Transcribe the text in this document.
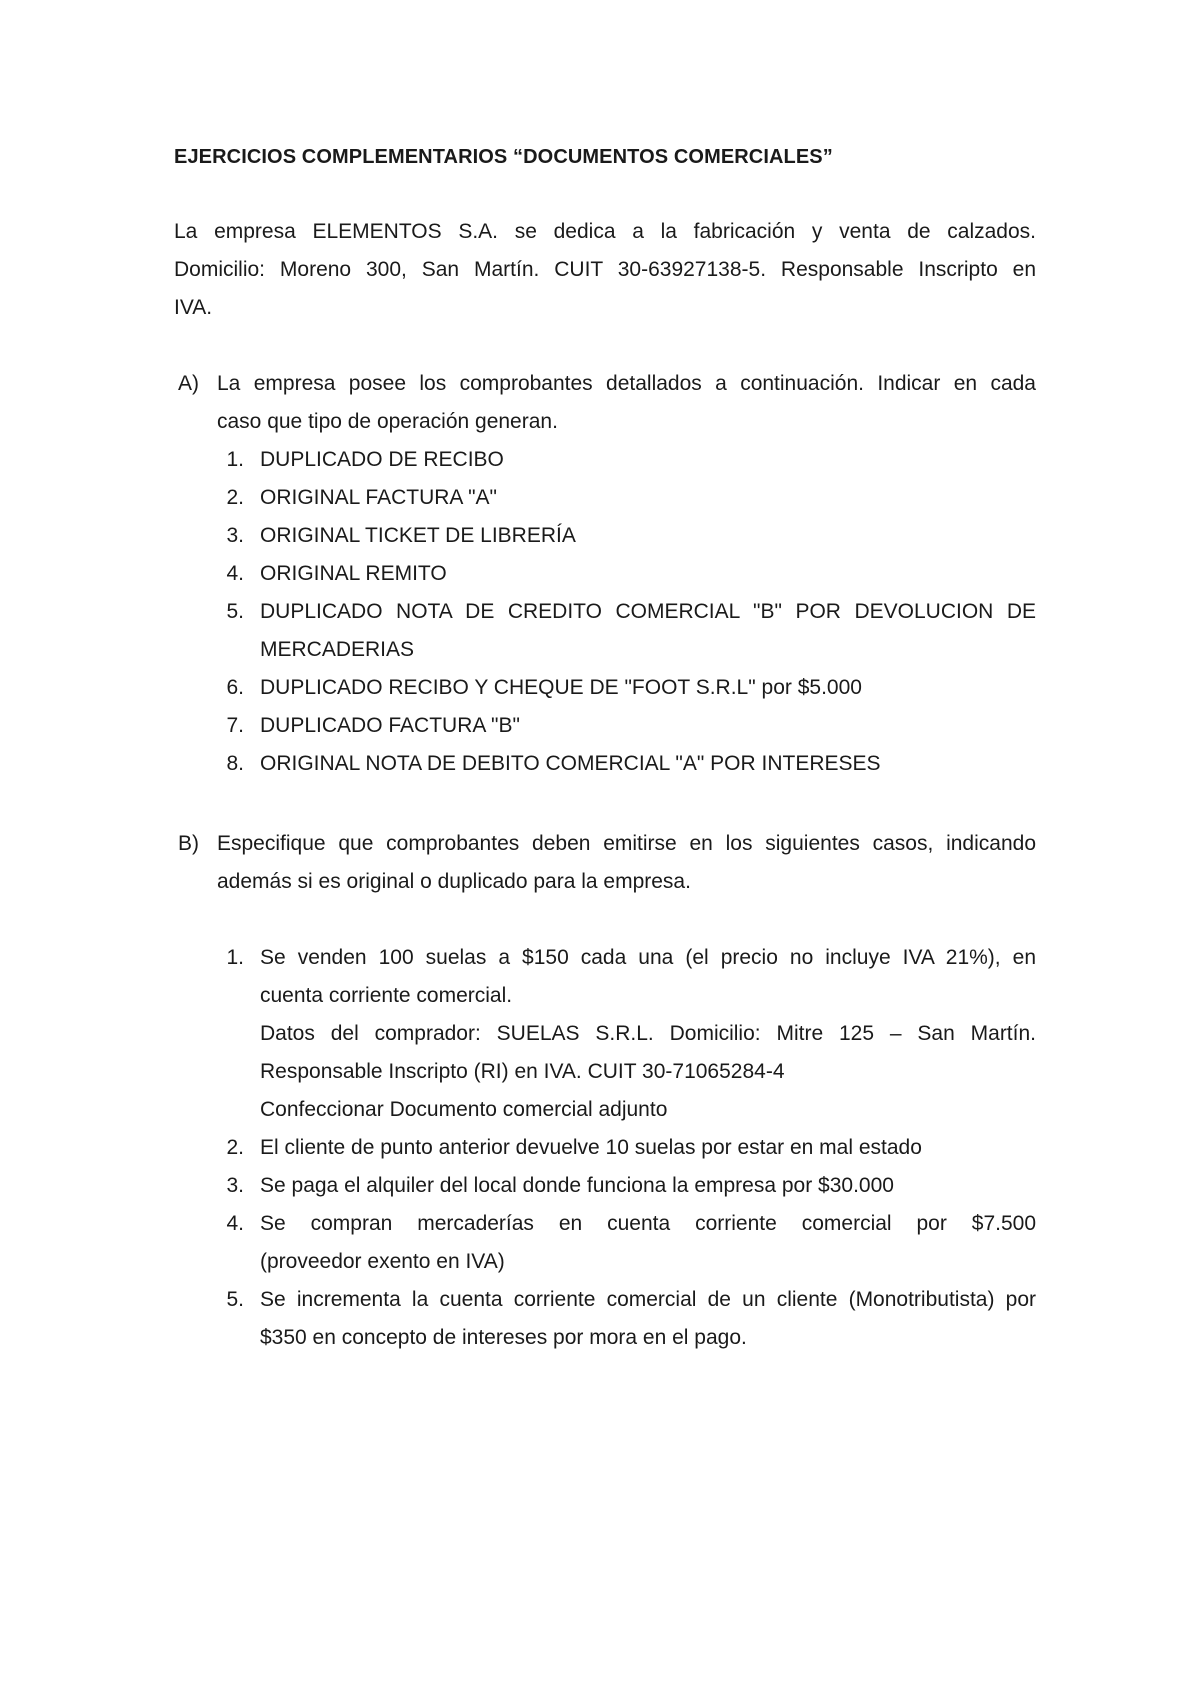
EJERCICIOS COMPLEMENTARIOS “DOCUMENTOS COMERCIALES”
La empresa ELEMENTOS S.A. se dedica a la fabricación y venta de calzados.
Domicilio: Moreno 300, San Martín. CUIT 30-63927138-5. Responsable Inscripto en
IVA.
A) La empresa posee los comprobantes detallados a continuación. Indicar en cada
caso que tipo de operación generan.
1. DUPLICADO DE RECIBO
2. ORIGINAL FACTURA "A"
3. ORIGINAL TICKET DE LIBRERÍA
4. ORIGINAL REMITO
5. DUPLICADO NOTA DE CREDITO COMERCIAL "B" POR DEVOLUCION DE
MERCADERIAS
6. DUPLICADO RECIBO Y CHEQUE DE "FOOT S.R.L" por $5.000
7. DUPLICADO FACTURA "B"
8. ORIGINAL NOTA DE DEBITO COMERCIAL "A" POR INTERESES
B) Especifique que comprobantes deben emitirse en los siguientes casos, indicando
además si es original o duplicado para la empresa.
1. Se venden 100 suelas a $150 cada una (el precio no incluye IVA 21%), en
cuenta corriente comercial.
Datos del comprador: SUELAS S.R.L. Domicilio: Mitre 125 – San Martín.
Responsable Inscripto (RI) en IVA. CUIT 30-71065284-4
Confeccionar Documento comercial adjunto
2. El cliente de punto anterior devuelve 10 suelas por estar en mal estado
3. Se paga el alquiler del local donde funciona la empresa por $30.000
4. Se compran mercaderías en cuenta corriente comercial por $7.500
(proveedor exento en IVA)
5. Se incrementa la cuenta corriente comercial de un cliente (Monotributista) por
$350 en concepto de intereses por mora en el pago.
